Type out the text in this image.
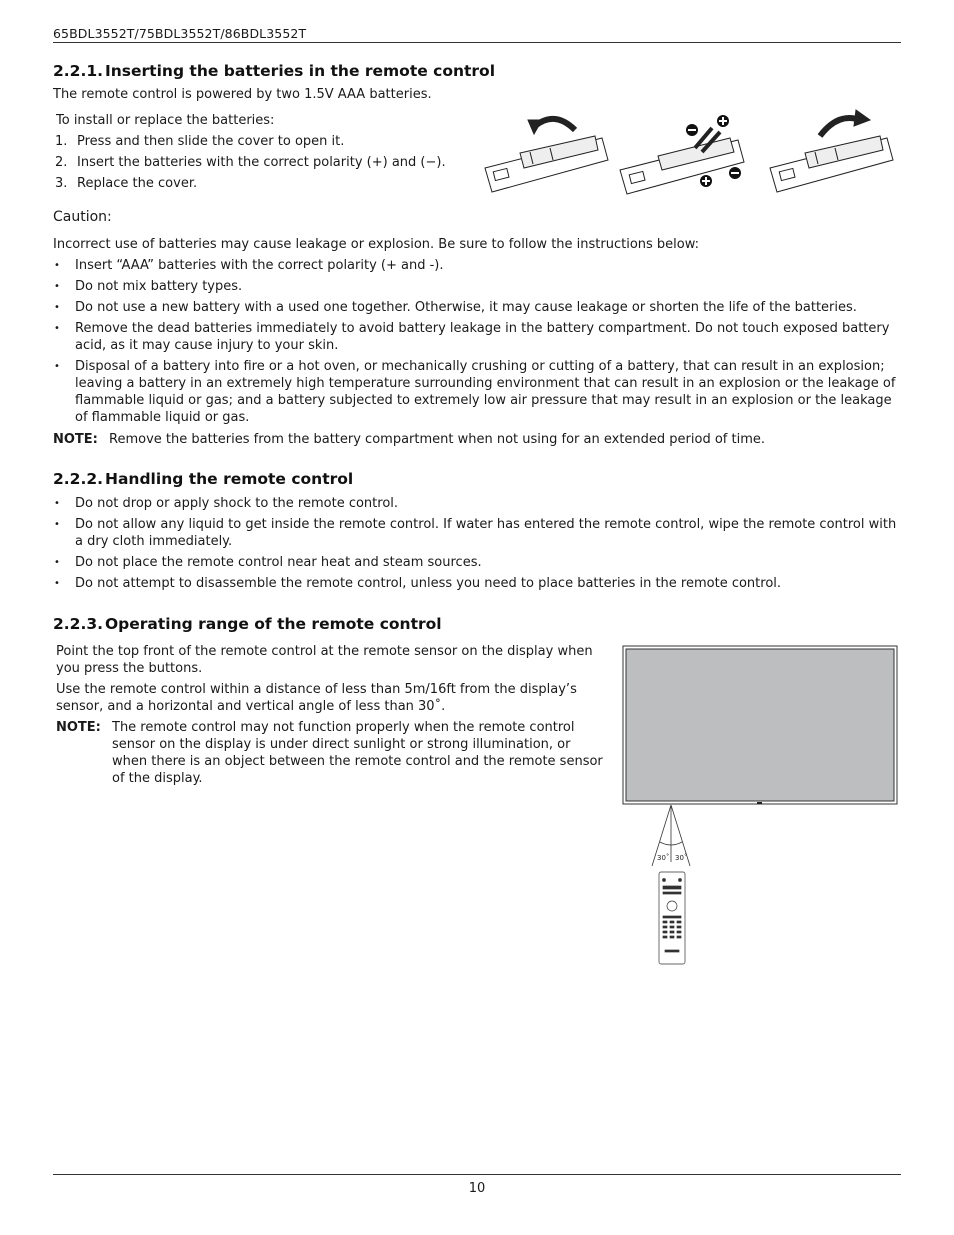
65BDL3552T/75BDL3552T/86BDL3552T
2.2.1. Inserting the batteries in the remote control
The remote control is powered by two 1.5V AAA batteries.
To install or replace the batteries:
1. Press and then slide the cover to open it.
2. Insert the batteries with the correct polarity (+) and (−).
3. Replace the cover.
Caution:
Incorrect use of batteries may cause leakage or explosion. Be sure to follow the instructions below:
• Insert “AAA” batteries with the correct polarity (+ and -).
• Do not mix battery types.
• Do not use a new battery with a used one together. Otherwise, it may cause leakage or shorten the life of the batteries.
• Remove the dead batteries immediately to avoid battery leakage in the battery compartment. Do not touch exposed battery acid, as it may cause injury to your skin.
• Disposal of a battery into fire or a hot oven, or mechanically crushing or cutting of a battery, that can result in an explosion; leaving a battery in an extremely high temperature surrounding environment that can result in an explosion or the leakage of flammable liquid or gas; and a battery subjected to extremely low air pressure that may result in an explosion or the leakage of flammable liquid or gas.
NOTE: Remove the batteries from the battery compartment when not using for an extended period of time.
2.2.2. Handling the remote control
• Do not drop or apply shock to the remote control.
• Do not allow any liquid to get inside the remote control. If water has entered the remote control, wipe the remote control with a dry cloth immediately.
• Do not place the remote control near heat and steam sources.
• Do not attempt to disassemble the remote control, unless you need to place batteries in the remote control.
2.2.3. Operating range of the remote control
Point the top front of the remote control at the remote sensor on the display when you press the buttons.
Use the remote control within a distance of less than 5m/16ft from the display’s sensor, and a horizontal and vertical angle of less than 30˚.
NOTE: The remote control may not function properly when the remote control sensor on the display is under direct sunlight or strong illumination, or when there is an object between the remote control and the remote sensor of the display.
30˚ 30˚
10
